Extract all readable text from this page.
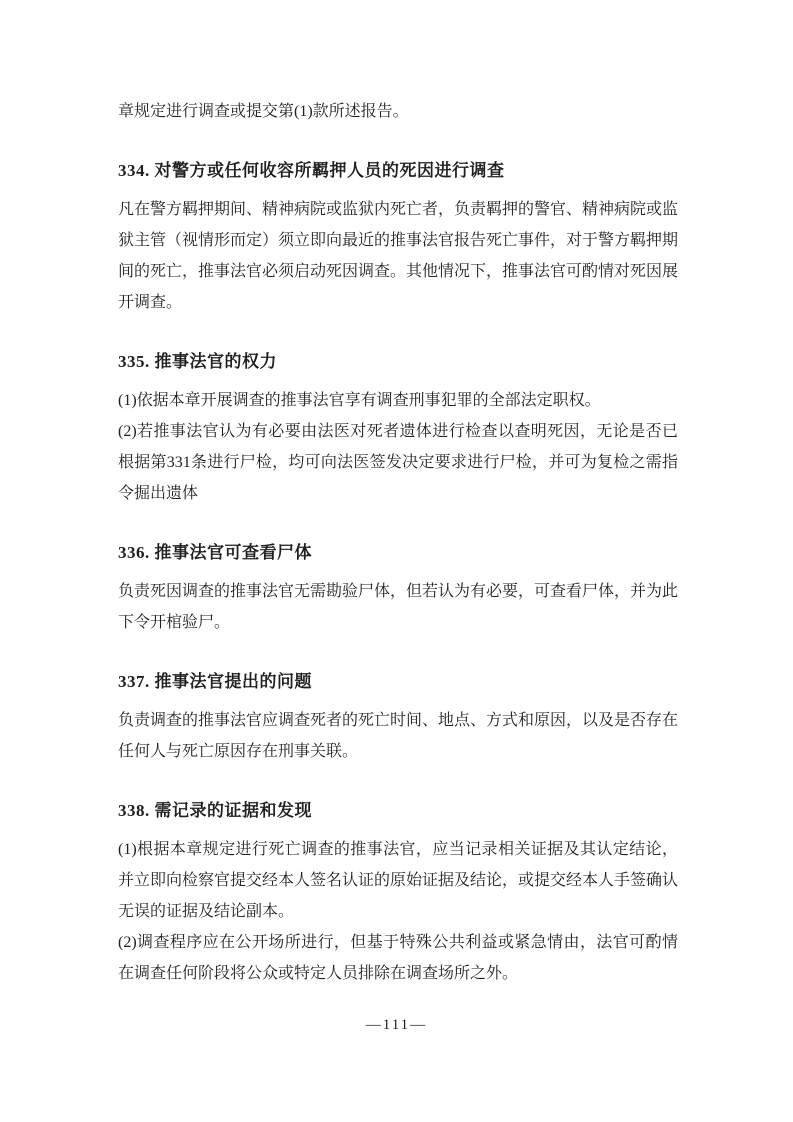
章规定进行调查或提交第(1)款所述报告。

334. 对警方或任何收容所羁押人员的死因进行调查

凡在警方羁押期间、精神病院或监狱内死亡者，负责羁押的警官、精神病院或监狱主管（视情形而定）须立即向最近的推事法官报告死亡事件，对于警方羁押期间的死亡，推事法官必须启动死因调查。其他情况下，推事法官可酌情对死因展开调查。

335. 推事法官的权力

(1)依据本章开展调查的推事法官享有调查刑事犯罪的全部法定职权。

(2)若推事法官认为有必要由法医对死者遗体进行检查以查明死因，无论是否已根据第331条进行尸检，均可向法医签发决定要求进行尸检，并可为复检之需指令掘出遗体

336. 推事法官可查看尸体

负责死因调查的推事法官无需勘验尸体，但若认为有必要，可查看尸体，并为此下令开棺验尸。

337. 推事法官提出的问题

负责调查的推事法官应调查死者的死亡时间、地点、方式和原因，以及是否存在任何人与死亡原因存在刑事关联。

338. 需记录的证据和发现

(1)根据本章规定进行死亡调查的推事法官，应当记录相关证据及其认定结论，并立即向检察官提交经本人签名认证的原始证据及结论，或提交经本人手签确认无误的证据及结论副本。

(2)调查程序应在公开场所进行，但基于特殊公共利益或紧急情由，法官可酌情在调查任何阶段将公众或特定人员排除在调查场所之外。

—111—
